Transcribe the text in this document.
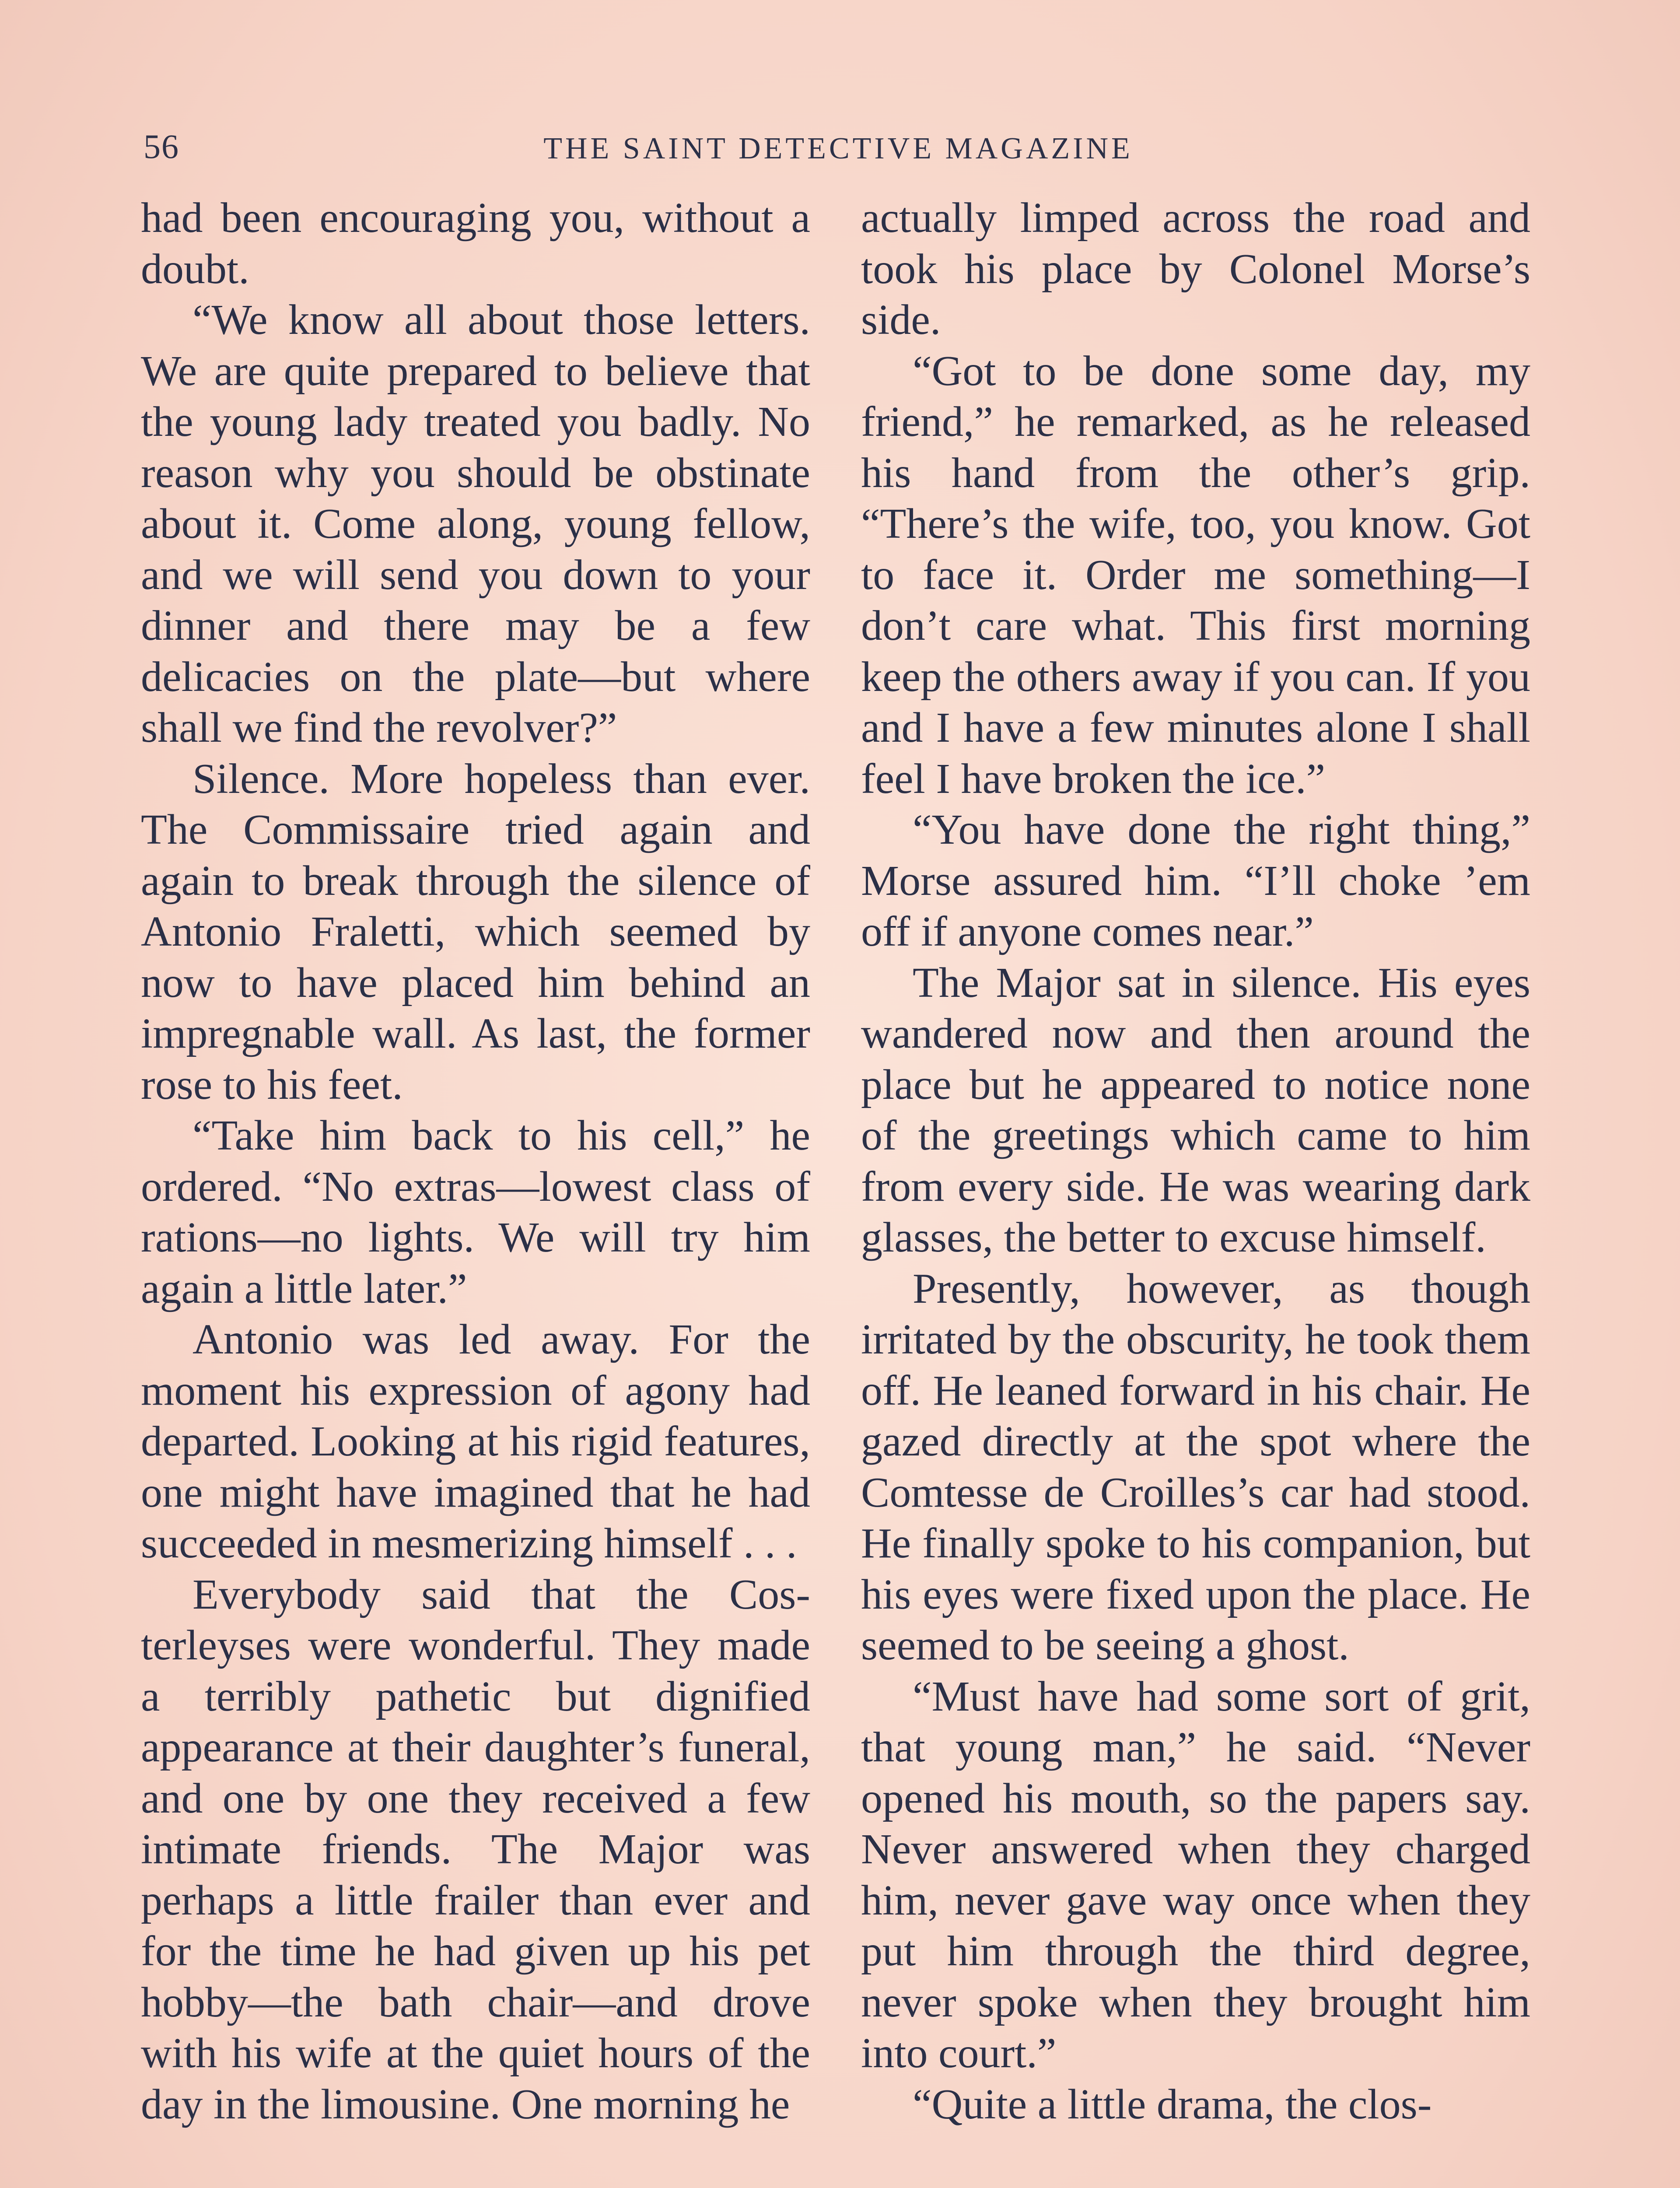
56	THE SAINT DETECTIVE MAGAZINE

had been encouraging you, without a doubt.

“We know all about those letters. We are quite prepared to believe that the young lady treated you badly. No reason why you should be obstinate about it. Come along, young fellow, and we will send you down to your dinner and there may be a few delicacies on the plate—but where shall we find the revolver?”

Silence. More hopeless than ever. The Commissaire tried again and again to break through the silence of Antonio Fraletti, which seemed by now to have placed him behind an impregnable wall. As last, the former rose to his feet.

“Take him back to his cell,” he ordered. “No extras—lowest class of rations—no lights. We will try him again a little later.”

Antonio was led away. For the moment his expression of agony had departed. Looking at his rigid features, one might have imagined that he had succeeded in mesmerizing himself . . .

Everybody said that the Costerleyses were wonderful. They made a terribly pathetic but dignified appearance at their daughter’s funeral, and one by one they received a few intimate friends. The Major was perhaps a little frailer than ever and for the time he had given up his pet hobby—the bath chair—and drove with his wife at the quiet hours of the day in the limousine. One morning he

actually limped across the road and took his place by Colonel Morse’s side.

“Got to be done some day, my friend,” he remarked, as he released his hand from the other’s grip. “There’s the wife, too, you know. Got to face it. Order me something—I don’t care what. This first morning keep the others away if you can. If you and I have a few minutes alone I shall feel I have broken the ice.”

“You have done the right thing,” Morse assured him. “I’ll choke ’em off if anyone comes near.”

The Major sat in silence. His eyes wandered now and then around the place but he appeared to notice none of the greetings which came to him from every side. He was wearing dark glasses, the better to excuse himself.

Presently, however, as though irritated by the obscurity, he took them off. He leaned forward in his chair. He gazed directly at the spot where the Comtesse de Croilles’s car had stood. He finally spoke to his companion, but his eyes were fixed upon the place. He seemed to be seeing a ghost.

“Must have had some sort of grit, that young man,” he said. “Never opened his mouth, so the papers say. Never answered when they charged him, never gave way once when they put him through the third degree, never spoke when they brought him into court.”

“Quite a little drama, the clos-
